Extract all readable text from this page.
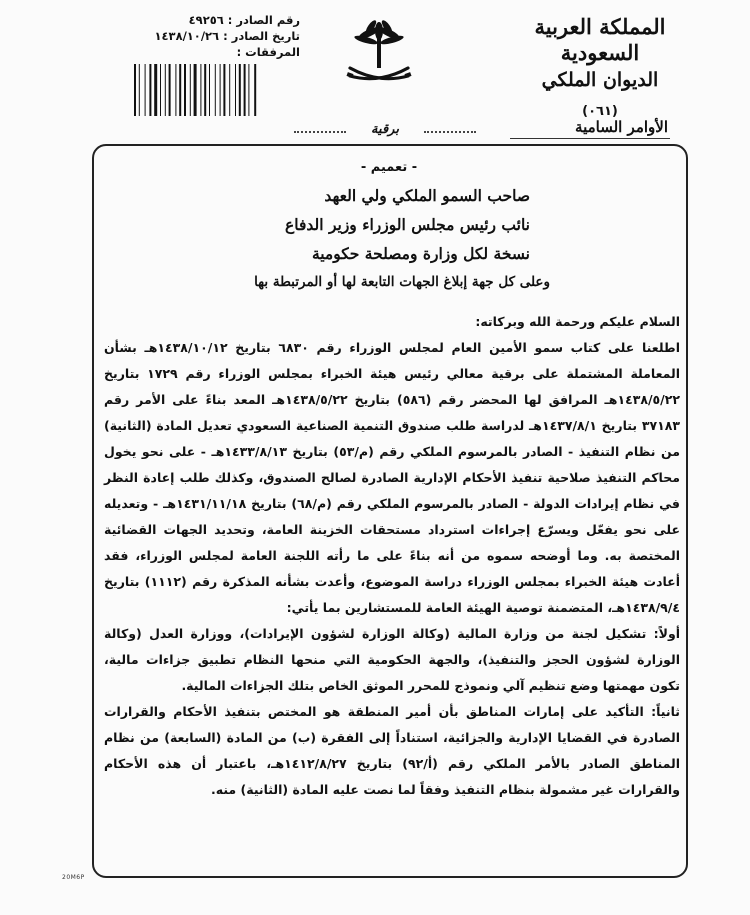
المملكة العربية السعودية
الديوان الملكي
(٠٦١)
الأوامر السامية
رقم الصادر : ٤٩٢٥٦
تاريخ الصادر : ١٤٣٨/١٠/٢٦
المرفقات :
برقية
- تعميم -
صاحب السمو الملكي ولي العهد
نائب رئيس مجلس الوزراء وزير الدفاع
نسخة لكل وزارة ومصلحة حكومية
وعلى كل جهة إبلاغ الجهات التابعة لها أو المرتبطة بها

السلام عليكم ورحمة الله وبركاته:

اطلعنا على كتاب سمو الأمين العام لمجلس الوزراء رقم ٦٨٣٠ بتاريخ ١٤٣٨/١٠/١٢هـ بشأن المعاملة المشتملة على برقية معالي رئيس هيئة الخبراء بمجلس الوزراء رقم ١٧٢٩ بتاريخ ١٤٣٨/٥/٢٢هـ المرافق لها المحضر رقم (٥٨٦) بتاريخ ١٤٣٨/٥/٢٢هـ المعد بناءً على الأمر رقم ٣٧١٨٣ بتاريخ ١٤٣٧/٨/١هـ لدراسة طلب صندوق التنمية الصناعية السعودي تعديل المادة (الثانية) من نظام التنفيذ - الصادر بالمرسوم الملكي رقم (م/٥٣) بتاريخ ١٤٣٣/٨/١٣هـ - على نحو يخول محاكم التنفيذ صلاحية تنفيذ الأحكام الإدارية الصادرة لصالح الصندوق، وكذلك طلب إعادة النظر في نظام إيرادات الدولة - الصادر بالمرسوم الملكي رقم (م/٦٨) بتاريخ ١٤٣١/١١/١٨هـ - وتعديله على نحو يفعّل ويسرّع إجراءات استرداد مستحقات الخزينة العامة، وتحديد الجهات القضائية المختصة به. وما أوضحه سموه من أنه بناءً على ما رأته اللجنة العامة لمجلس الوزراء، فقد أعادت هيئة الخبراء بمجلس الوزراء دراسة الموضوع، وأعدت بشأنه المذكرة رقم (١١١٢) بتاريخ ١٤٣٨/٩/٤هـ، المتضمنة توصية الهيئة العامة للمستشارين بما يأتي:

أولاً: تشكيل لجنة من وزارة المالية (وكالة الوزارة لشؤون الإيرادات)، ووزارة العدل (وكالة الوزارة لشؤون الحجز والتنفيذ)، والجهة الحكومية التي منحها النظام تطبيق جزاءات مالية، تكون مهمتها وضع تنظيم آلي ونموذج للمحرر الموثق الخاص بتلك الجزاءات المالية.

ثانياً: التأكيد على إمارات المناطق بأن أمير المنطقة هو المختص بتنفيذ الأحكام والقرارات الصادرة في القضايا الإدارية والجزائية، استناداً إلى الفقرة (ب) من المادة (السابعة) من نظام المناطق الصادر بالأمر الملكي رقم (أ/٩٢) بتاريخ ١٤١٢/٨/٢٧هـ، باعتبار أن هذه الأحكام والقرارات غير مشمولة بنظام التنفيذ وفقاً لما نصت عليه المادة (الثانية) منه.

20M6P
